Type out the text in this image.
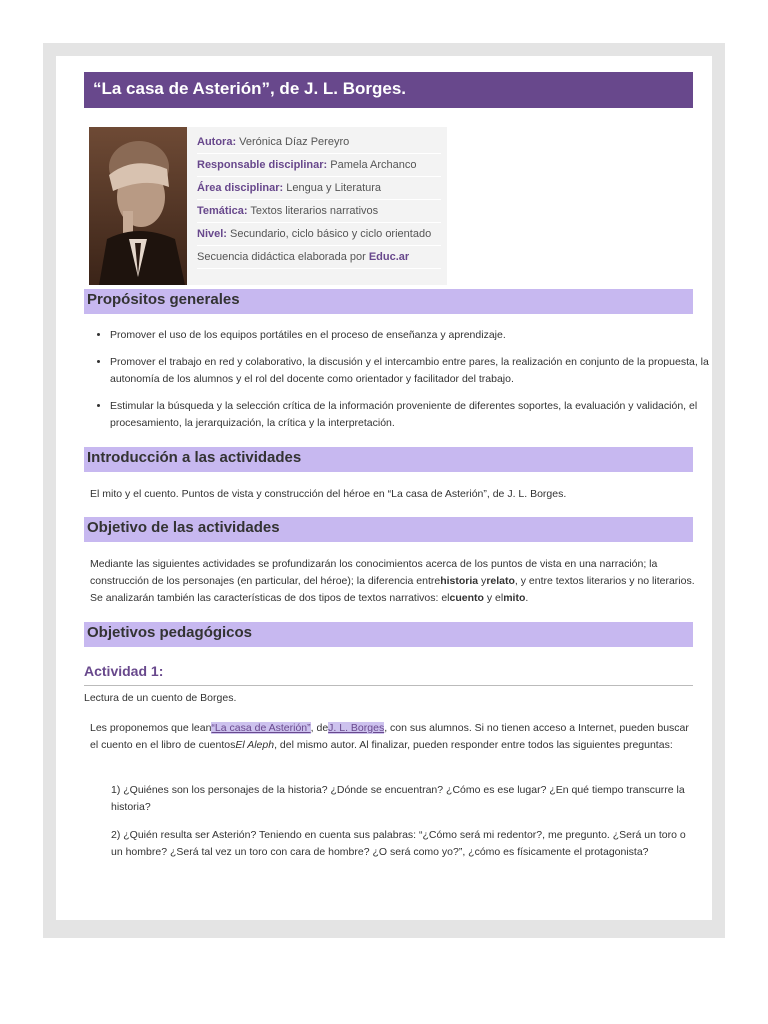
“La casa de Asterión”, de J. L. Borges.
Autora: Verónica Díaz Pereyro
Responsable disciplinar: Pamela Archanco
Área disciplinar: Lengua y Literatura
Temática: Textos literarios narrativos
Nivel: Secundario, ciclo básico y ciclo orientado
Secuencia didáctica elaborada por Educ.ar
Propósitos generales
• Promover el uso de los equipos portátiles en el proceso de enseñanza y aprendizaje.
• Promover el trabajo en red y colaborativo, la discusión y el intercambio entre pares, la realización en conjunto de la propuesta, la autonomía de los alumnos y el rol del docente como orientador y facilitador del trabajo.
• Estimular la búsqueda y la selección crítica de la información proveniente de diferentes soportes, la evaluación y validación, el procesamiento, la jerarquización, la crítica y la interpretación.
Introducción a las actividades
El mito y el cuento. Puntos de vista y construcción del héroe en “La casa de Asterión”, de J. L. Borges.
Objetivo de las actividades
Mediante las siguientes actividades se profundizarán los conocimientos acerca de los puntos de vista en una narración; la construcción de los personajes (en particular, del héroe); la diferencia entrehistoria yrelato, y entre textos literarios y no literarios. Se analizarán también las características de dos tipos de textos narrativos: elcuento y elmito.
Objetivos pedagógicos
Actividad 1:
Lectura de un cuento de Borges.
Les proponemos que lean“La casa de Asterión”, deJ. L. Borges, con sus alumnos. Si no tienen acceso a Internet, pueden buscar el cuento en el libro de cuentosEl Aleph, del mismo autor. Al finalizar, pueden responder entre todos las siguientes preguntas:
1) ¿Quiénes son los personajes de la historia? ¿Dónde se encuentran? ¿Cómo es ese lugar? ¿En qué tiempo transcurre la historia?
2) ¿Quién resulta ser Asterión? Teniendo en cuenta sus palabras: “¿Cómo será mi redentor?, me pregunto. ¿Será un toro o un hombre? ¿Será tal vez un toro con cara de hombre? ¿O será como yo?”, ¿cómo es físicamente el protagonista?
